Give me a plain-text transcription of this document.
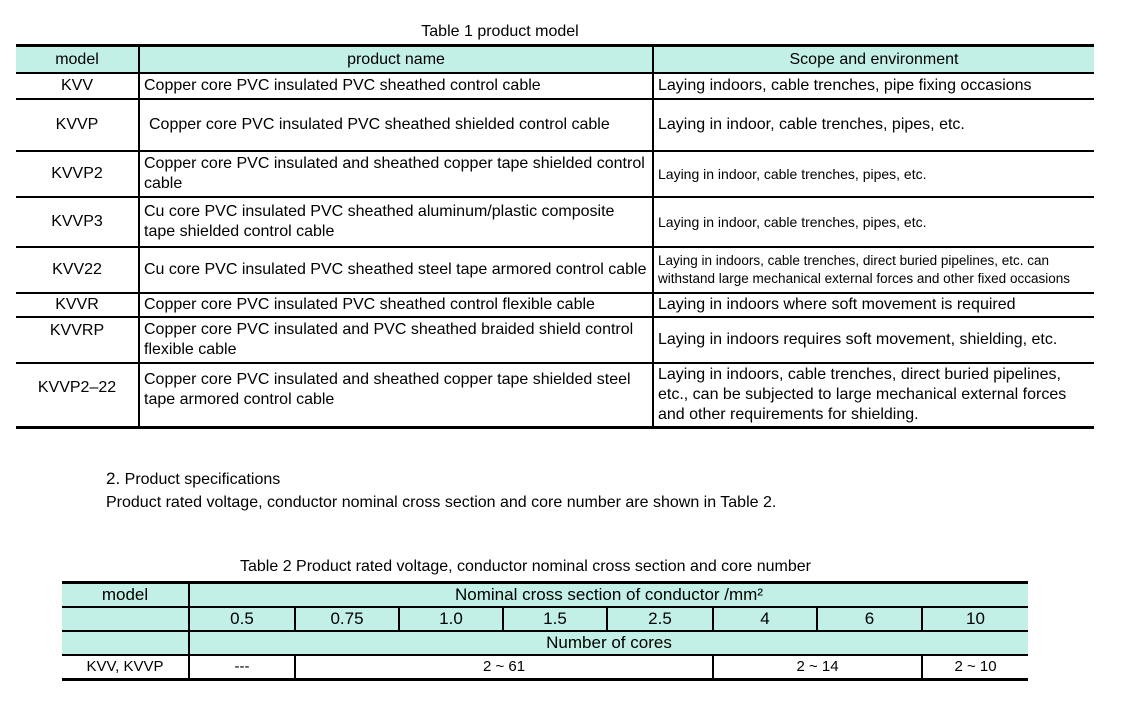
Table 1 product model
model	product name	Scope and environment
KVV	Copper core PVC insulated PVC sheathed control cable	Laying indoors, cable trenches, pipe fixing occasions
KVVP	Copper core PVC insulated PVC sheathed shielded control cable	Laying in indoor, cable trenches, pipes, etc.
KVVP2	Copper core PVC insulated and sheathed copper tape shielded control cable	Laying in indoor, cable trenches, pipes, etc.
KVVP3	Cu core PVC insulated PVC sheathed aluminum/plastic composite tape shielded control cable	Laying in indoor, cable trenches, pipes, etc.
KVV22	Cu core PVC insulated PVC sheathed steel tape armored control cable	Laying in indoors, cable trenches, direct buried pipelines, etc. can withstand large mechanical external forces and other fixed occasions
KVVR	Copper core PVC insulated PVC sheathed control flexible cable	Laying in indoors where soft movement is required
KVVRP	Copper core PVC insulated and PVC sheathed braided shield control flexible cable	Laying in indoors requires soft movement, shielding, etc.
KVVP2–22	Copper core PVC insulated and sheathed copper tape shielded steel tape armored control cable	Laying in indoors, cable trenches, direct buried pipelines, etc., can be subjected to large mechanical external forces and other requirements for shielding.
2. Product specifications
Product rated voltage, conductor nominal cross section and core number are shown in Table 2.
Table 2 Product rated voltage, conductor nominal cross section and core number
model	Nominal cross section of conductor /mm²							
	0.5	0.75	1.0	1.5	2.5	4	6	10
	Number of cores							
KVV, KVVP	---	2 ~ 61				2 ~ 14		2 ~ 10
